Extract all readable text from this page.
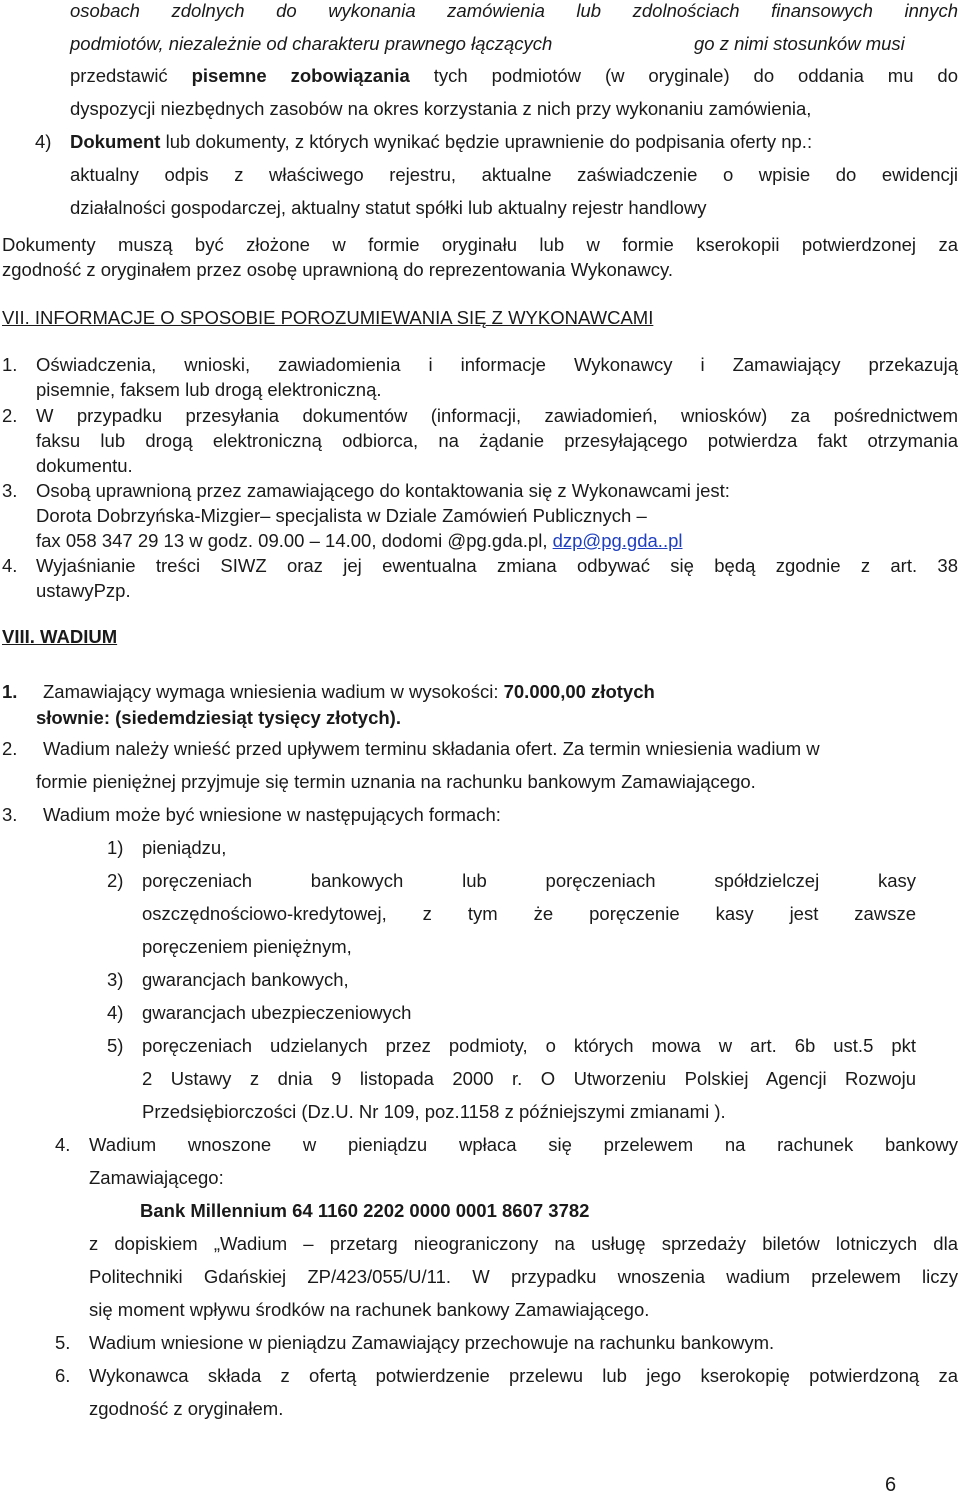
osobach zdolnych do wykonania zamówienia lub zdolnościach finansowych innych
podmiotów, niezależnie od charakteru prawnego łączących	go z nimi stosunków musi
przedstawić pisemne zobowiązania tych podmiotów (w oryginale) do oddania mu do
dyspozycji niezbędnych zasobów na okres korzystania z nich przy wykonaniu zamówienia,
4) Dokument lub dokumenty, z których wynikać będzie uprawnienie do podpisania oferty np.:
aktualny odpis z właściwego rejestru, aktualne zaświadczenie o wpisie do ewidencji
działalności gospodarczej, aktualny statut spółki lub aktualny rejestr handlowy
Dokumenty muszą być złożone w formie oryginału lub w formie kserokopii potwierdzonej za
zgodność z oryginałem przez osobę uprawnioną do reprezentowania Wykonawcy.
VII. INFORMACJE O SPOSOBIE POROZUMIEWANIA SIĘ Z WYKONAWCAMI
1. Oświadczenia, wnioski, zawiadomienia i informacje Wykonawcy i Zamawiający przekazują
pisemnie, faksem lub drogą elektroniczną.
2. W przypadku przesyłania dokumentów (informacji, zawiadomień, wniosków) za pośrednictwem
faksu lub drogą elektroniczną odbiorca, na żądanie przesyłającego potwierdza fakt otrzymania
dokumentu.
3. Osobą uprawnioną przez zamawiającego do kontaktowania się z Wykonawcami jest:
Dorota Dobrzyńska-Mizgier– specjalista w Dziale Zamówień Publicznych –
fax 058 347 29 13 w godz. 09.00 – 14.00, dodomi @pg.gda.pl, dzp@pg.gda..pl
4. Wyjaśnianie treści SIWZ oraz jej ewentualna zmiana odbywać się będą zgodnie z art. 38
ustawyPzp.
VIII. WADIUM
1. Zamawiający wymaga wniesienia wadium w wysokości: 70.000,00 złotych
słownie: (siedemdziesiąt tysięcy złotych).
2. Wadium należy wnieść przed upływem terminu składania ofert. Za termin wniesienia wadium w
formie pieniężnej przyjmuje się termin uznania na rachunku bankowym Zamawiającego.
3. Wadium może być wniesione w następujących formach:
1) pieniądzu,
2) poręczeniach bankowych lub poręczeniach spółdzielczej kasy
oszczędnościowo-kredytowej, z tym że poręczenie kasy jest zawsze
poręczeniem pieniężnym,
3) gwarancjach bankowych,
4) gwarancjach ubezpieczeniowych
5) poręczeniach udzielanych przez podmioty, o których mowa w art. 6b ust.5 pkt
2 Ustawy z dnia 9 listopada 2000 r. O Utworzeniu Polskiej Agencji Rozwoju
Przedsiębiorczości (Dz.U. Nr 109, poz.1158 z późniejszymi zmianami ).
4. Wadium wnoszone w pieniądzu wpłaca się przelewem na rachunek bankowy
Zamawiającego:
Bank Millennium 64 1160 2202 0000 0001 8607 3782
z dopiskiem „Wadium – przetarg nieograniczony na usługę sprzedaży biletów lotniczych dla
Politechniki Gdańskiej ZP/423/055/U/11. W przypadku wnoszenia wadium przelewem liczy
się moment wpływu środków na rachunek bankowy Zamawiającego.
5. Wadium wniesione w pieniądzu Zamawiający przechowuje na rachunku bankowym.
6. Wykonawca składa z ofertą potwierdzenie przelewu lub jego kserokopię potwierdzoną za
zgodność z oryginałem.
6
